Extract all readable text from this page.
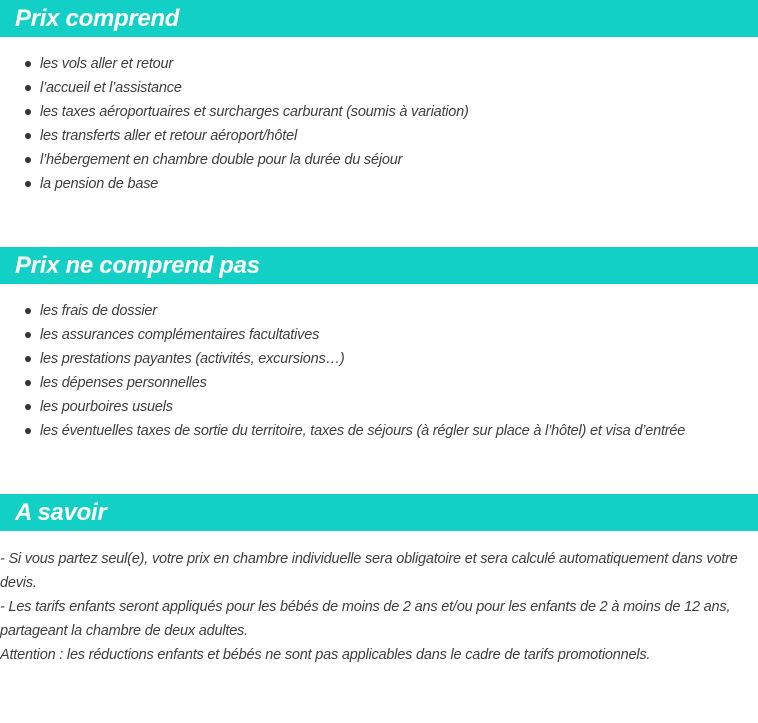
Prix comprend
les vols aller et retour
l’accueil et l’assistance
les taxes aéroportuaires et surcharges carburant (soumis à variation)
les transferts aller et retour aéroport/hôtel
l’hébergement en chambre double pour la durée du séjour
la pension de base
Prix ne comprend pas
les frais de dossier
les assurances complémentaires facultatives
les prestations payantes (activités, excursions…)
les dépenses personnelles
les pourboires usuels
les éventuelles taxes de sortie du territoire, taxes de séjours (à régler sur place à l’hôtel) et visa d’entrée
A savoir

- Si vous partez seul(e), votre prix en chambre individuelle sera obligatoire et sera calculé automatiquement dans votre devis.

- Les tarifs enfants seront appliqués pour les bébés de moins de 2 ans et/ou pour les enfants de 2 à moins de 12 ans, partageant la chambre de deux adultes.

Attention : les réductions enfants et bébés ne sont pas applicables dans le cadre de tarifs promotionnels.
